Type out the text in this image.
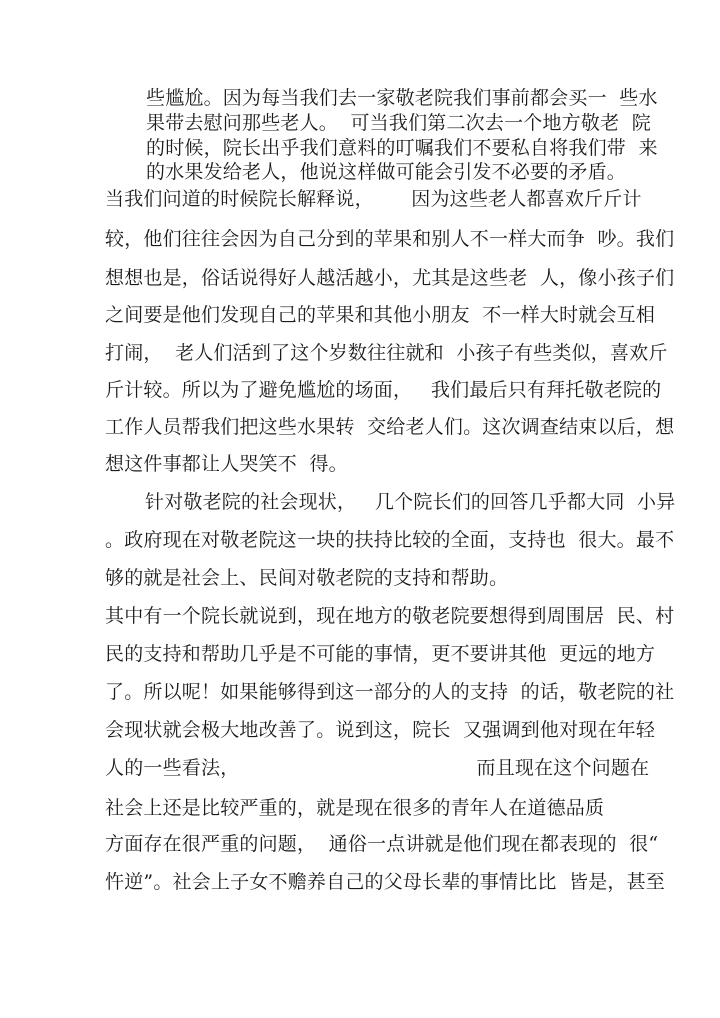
些尴尬。因为每当我们去一家敬老院我们事前都会买一  些水
果带去慰问那些老人。  可当我们第二次去一个地方敬老  院
的时候，院长出乎我们意料的叮嘱我们不要私自将我们带  来
的水果发给老人，他说这样做可能会引发不必要的矛盾。
当我们问道的时候院长解释说，      因为这些老人都喜欢斤斤计
较，他们往往会因为自己分到的苹果和别人不一样大而争  吵。我们
想想也是，俗话说得好人越活越小，尤其是这些老  人，像小孩子们
之间要是他们发现自己的苹果和其他小朋友  不一样大时就会互相
打闹，  老人们活到了这个岁数往往就和  小孩子有些类似，喜欢斤
斤计较。所以为了避免尴尬的场面，   我们最后只有拜托敬老院的
工作人员帮我们把这些水果转  交给老人们。这次调查结束以后，想
想这件事都让人哭笑不  得。
针对敬老院的社会现状，   几个院长们的回答几乎都大同  小异
。政府现在对敬老院这一块的扶持比较的全面，支持也  很大。最不
够的就是社会上、民间对敬老院的支持和帮助。
其中有一个院长就说到，现在地方的敬老院要想得到周围居  民、村
民的支持和帮助几乎是不可能的事情，更不要讲其他  更远的地方
了。所以呢！如果能够得到这一部分的人的支持  的话，敬老院的社
会现状就会极大地改善了。说到这，院长  又强调到他对现在年轻
人的一些看法，                                      而且现在这个问题在
社会上还是比较严重的，就是现在很多的青年人在道德品质
方面存在很严重的问题，  通俗一点讲就是他们现在都表现的  很“
忤逆”。社会上子女不赡养自己的父母长辈的事情比比  皆是，甚至
